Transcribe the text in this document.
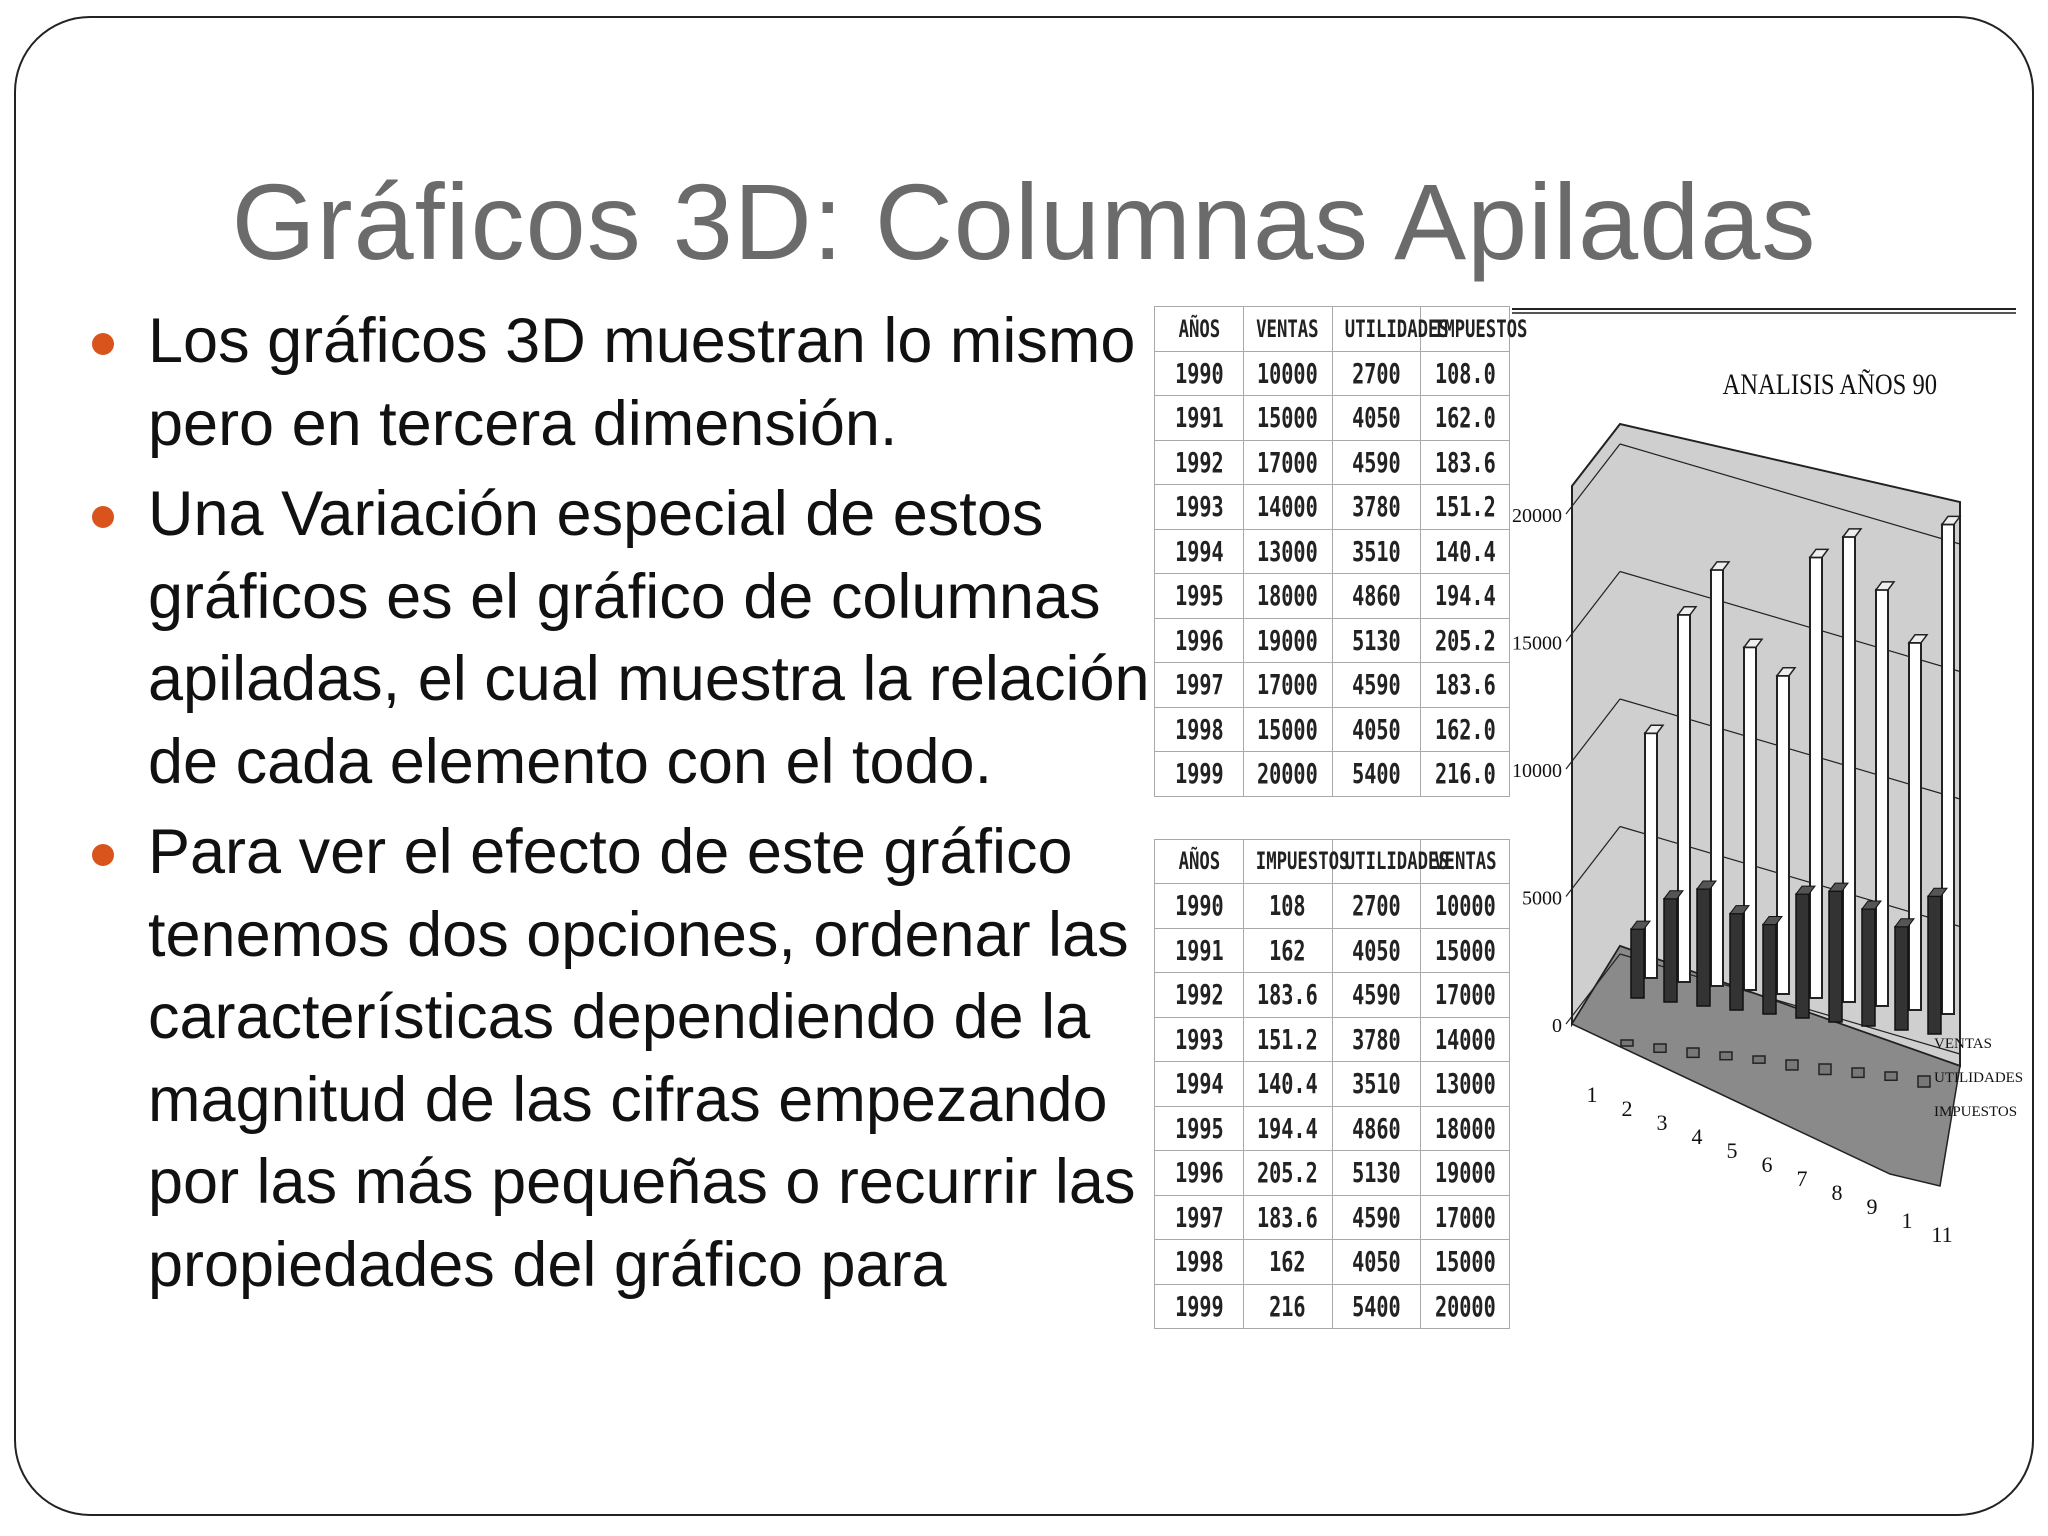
Gráficos 3D: Columnas Apiladas
Los gráficos 3D muestran lo mismo pero en tercera dimensión.
Una Variación especial de estos gráficos es el gráfico de columnas apiladas, el cual muestra la relación de cada elemento con el todo.
Para ver el efecto de este gráfico tenemos dos opciones, ordenar las características dependiendo de la magnitud de las cifras empezando por las más pequeñas o recurrir las propiedades del gráfico para
AÑOS	VENTAS	UTILIDADES	IMPUESTOS
1990	10000	2700	108.0
1991	15000	4050	162.0
1992	17000	4590	183.6
1993	14000	3780	151.2
1994	13000	3510	140.4
1995	18000	4860	194.4
1996	19000	5130	205.2
1997	17000	4590	183.6
1998	15000	4050	162.0
1999	20000	5400	216.0
AÑOS	IMPUESTOS	UTILIDADES	VENTAS
1990	108	2700	10000
1991	162	4050	15000
1992	183.6	4590	17000
1993	151.2	3780	14000
1994	140.4	3510	13000
1995	194.4	4860	18000
1996	205.2	5130	19000
1997	183.6	4590	17000
1998	162	4050	15000
1999	216	5400	20000
ANALISIS AÑOS 90
0
5000
10000
15000
20000
1
2
3
4
5
6
7
8
9
1
11
VENTAS
UTILIDADES
IMPUESTOS
